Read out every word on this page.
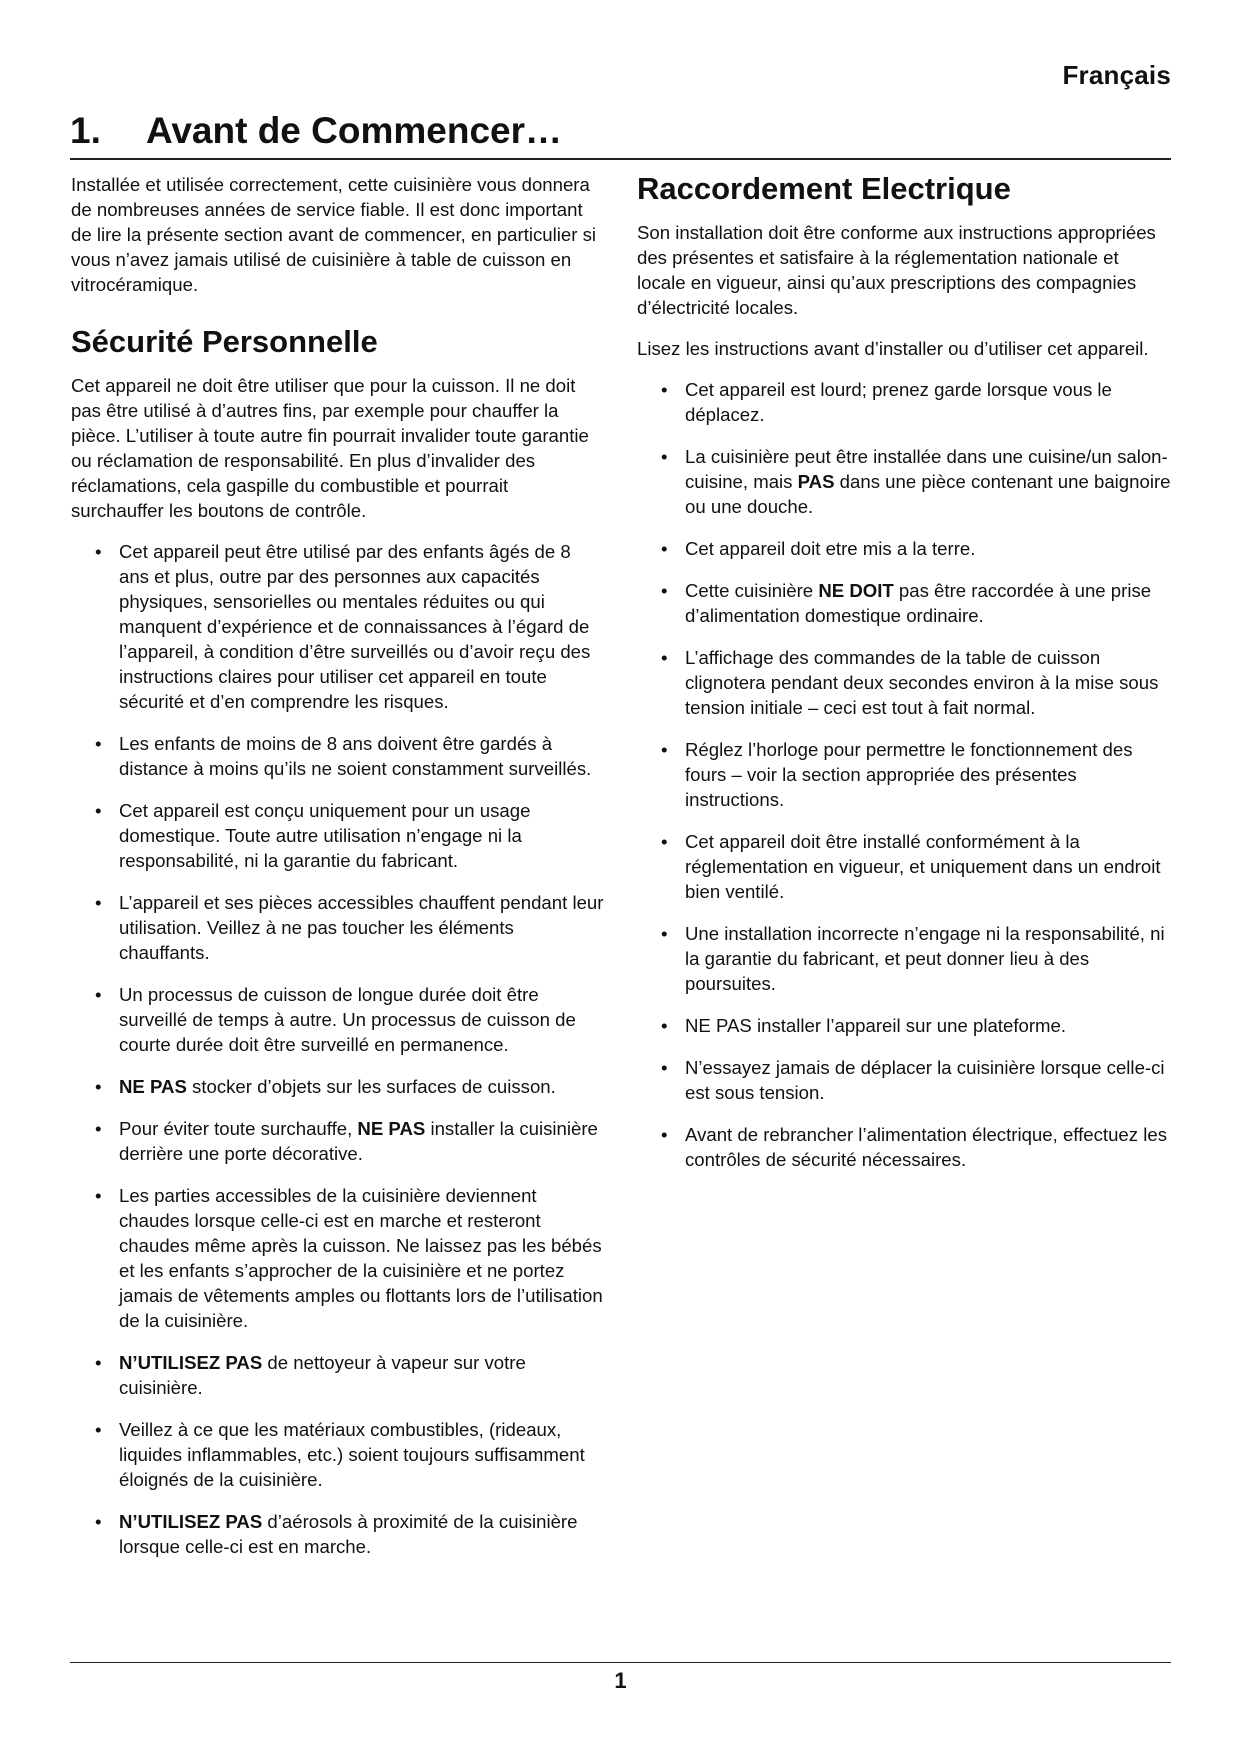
Français
1. Avant de Commencer…

Installée et utilisée correctement, cette cuisinière vous donnera de nombreuses années de service fiable. Il est donc important de lire la présente section avant de commencer, en particulier si vous n’avez jamais utilisé de cuisinière à table de cuisson en vitrocéramique.

Sécurité Personnelle

Cet appareil ne doit être utiliser que pour la cuisson. Il ne doit pas être utilisé à d’autres fins, par exemple pour chauffer la pièce. L’utiliser à toute autre fin pourrait invalider toute garantie ou réclamation de responsabilité. En plus d’invalider des réclamations, cela gaspille du combustible et pourrait surchauffer les boutons de contrôle.

• Cet appareil peut être utilisé par des enfants âgés de 8 ans et plus, outre par des personnes aux capacités physiques, sensorielles ou mentales réduites ou qui manquent d’expérience et de connaissances à l’égard de l’appareil, à condition d’être surveillés ou d’avoir reçu des instructions claires pour utiliser cet appareil en toute sécurité et d’en comprendre les risques.
• Les enfants de moins de 8 ans doivent être gardés à distance à moins qu’ils ne soient constamment surveillés.
• Cet appareil est conçu uniquement pour un usage domestique. Toute autre utilisation n’engage ni la responsabilité, ni la garantie du fabricant.
• L’appareil et ses pièces accessibles chauffent pendant leur utilisation. Veillez à ne pas toucher les éléments chauffants.
• Un processus de cuisson de longue durée doit être surveillé de temps à autre. Un processus de cuisson de courte durée doit être surveillé en permanence.
• NE PAS stocker d’objets sur les surfaces de cuisson.
• Pour éviter toute surchauffe, NE PAS installer la cuisinière derrière une porte décorative.
• Les parties accessibles de la cuisinière deviennent chaudes lorsque celle-ci est en marche et resteront chaudes même après la cuisson. Ne laissez pas les bébés et les enfants s’approcher de la cuisinière et ne portez jamais de vêtements amples ou flottants lors de l’utilisation de la cuisinière.
• N’UTILISEZ PAS de nettoyeur à vapeur sur votre cuisinière.
• Veillez à ce que les matériaux combustibles, (rideaux, liquides inflammables, etc.) soient toujours suffisamment éloignés de la cuisinière.
• N’UTILISEZ PAS d’aérosols à proximité de la cuisinière lorsque celle-ci est en marche.
Raccordement Electrique

Son installation doit être conforme aux instructions appropriées des présentes et satisfaire à la réglementation nationale et locale en vigueur, ainsi qu’aux prescriptions des compagnies d’électricité locales.

Lisez les instructions avant d’installer ou d’utiliser cet appareil.

• Cet appareil est lourd; prenez garde lorsque vous le déplacez.
• La cuisinière peut être installée dans une cuisine/un salon-cuisine, mais PAS dans une pièce contenant une baignoire ou une douche.
• Cet appareil doit etre mis a la terre.
• Cette cuisinière NE DOIT pas être raccordée à une prise d’alimentation domestique ordinaire.
• L’affichage des commandes de la table de cuisson clignotera pendant deux secondes environ à la mise sous tension initiale – ceci est tout à fait normal.
• Réglez l’horloge pour permettre le fonctionnement des fours – voir la section appropriée des présentes instructions.
• Cet appareil doit être installé conformément à la réglementation en vigueur, et uniquement dans un endroit bien ventilé.
• Une installation incorrecte n’engage ni la responsabilité, ni la garantie du fabricant, et peut donner lieu à des poursuites.
• NE PAS installer l’appareil sur une plateforme.
• N’essayez jamais de déplacer la cuisinière lorsque celle-ci est sous tension.
• Avant de rebrancher l’alimentation électrique, effectuez les contrôles de sécurité nécessaires.
1
